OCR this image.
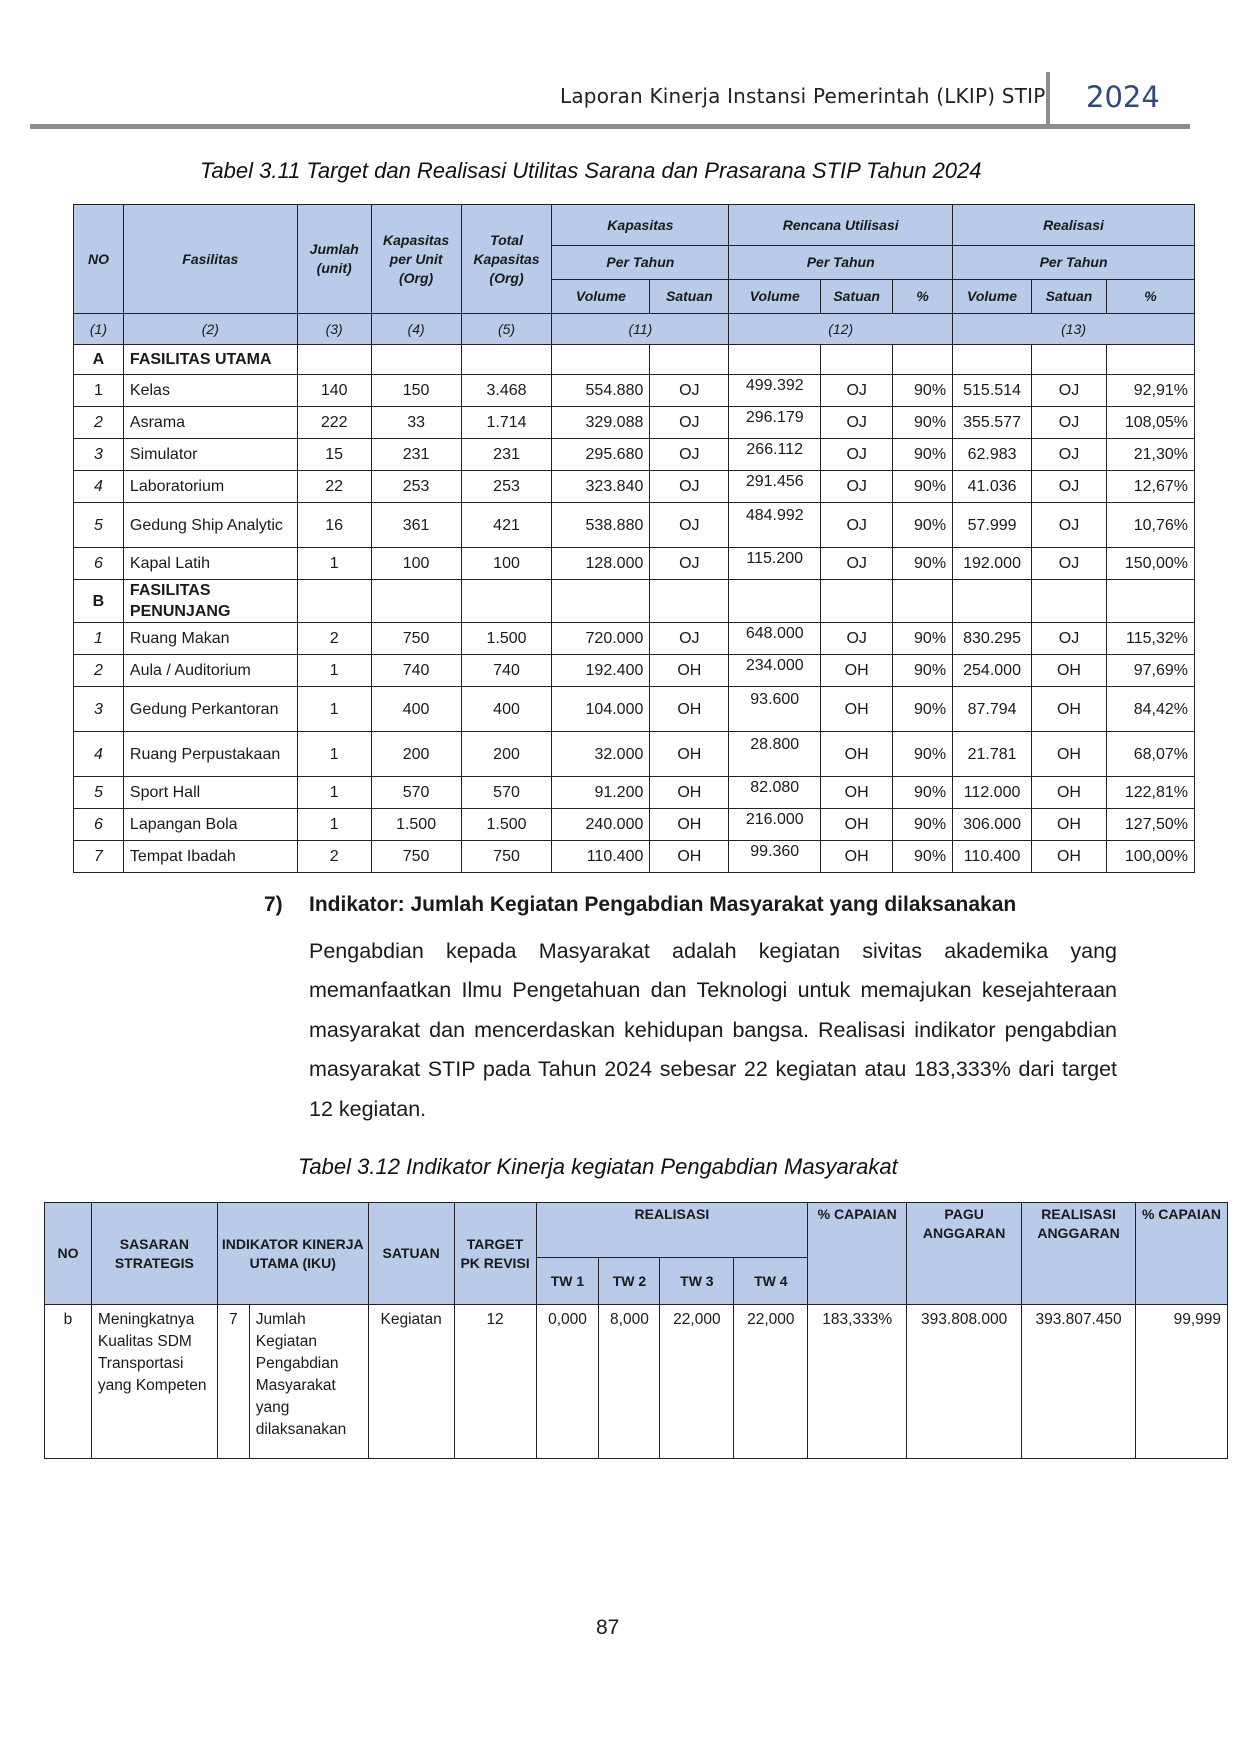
Laporan Kinerja Instansi Pemerintah (LKIP) STIP 2024
Tabel 3.11 Target dan Realisasi Utilitas Sarana dan Prasarana STIP Tahun 2024
NO	Fasilitas	Jumlah (unit)	Kapasitas per Unit (Org)	Total Kapasitas (Org)	Kapasitas		Rencana Utilisasi			Realisasi		
					Per Tahun		Per Tahun			Per Tahun		
					Volume	Satuan	Volume	Satuan	%	Volume	Satuan	%
(1)	(2)	(3)	(4)	(5)	(11)		(12)			(13)		
A	FASILITAS UTAMA											
1	Kelas	140	150	3.468	554.880	OJ	499.392	OJ	90%	515.514	OJ	92,91%
2	Asrama	222	33	1.714	329.088	OJ	296.179	OJ	90%	355.577	OJ	108,05%
3	Simulator	15	231	231	295.680	OJ	266.112	OJ	90%	62.983	OJ	21,30%
4	Laboratorium	22	253	253	323.840	OJ	291.456	OJ	90%	41.036	OJ	12,67%
5	Gedung Ship Analytic	16	361	421	538.880	OJ	484.992	OJ	90%	57.999	OJ	10,76%
6	Kapal Latih	1	100	100	128.000	OJ	115.200	OJ	90%	192.000	OJ	150,00%
B	FASILITAS PENUNJANG											
1	Ruang Makan	2	750	1.500	720.000	OJ	648.000	OJ	90%	830.295	OJ	115,32%
2	Aula / Auditorium	1	740	740	192.400	OH	234.000	OH	90%	254.000	OH	97,69%
3	Gedung Perkantoran	1	400	400	104.000	OH	93.600	OH	90%	87.794	OH	84,42%
4	Ruang Perpustakaan	1	200	200	32.000	OH	28.800	OH	90%	21.781	OH	68,07%
5	Sport Hall	1	570	570	91.200	OH	82.080	OH	90%	112.000	OH	122,81%
6	Lapangan Bola	1	1.500	1.500	240.000	OH	216.000	OH	90%	306.000	OH	127,50%
7	Tempat Ibadah	2	750	750	110.400	OH	99.360	OH	90%	110.400	OH	100,00%
7) Indikator: Jumlah Kegiatan Pengabdian Masyarakat yang dilaksanakan
Pengabdian kepada Masyarakat adalah kegiatan sivitas akademika yang memanfaatkan Ilmu Pengetahuan dan Teknologi untuk memajukan kesejahteraan masyarakat dan mencerdaskan kehidupan bangsa. Realisasi indikator pengabdian masyarakat STIP pada Tahun 2024 sebesar 22 kegiatan atau 183,333% dari target 12 kegiatan.
Tabel 3.12 Indikator Kinerja kegiatan Pengabdian Masyarakat
NO	SASARAN STRATEGIS	INDIKATOR KINERJA UTAMA (IKU)		SATUAN	TARGET PK REVISI	REALISASI				% CAPAIAN	PAGU ANGGARAN	REALISASI ANGGARAN	% CAPAIAN
						TW 1	TW 2	TW 3	TW 4				
b	Meningkatnya Kualitas SDM Transportasi yang Kompeten	7	Jumlah Kegiatan Pengabdian Masyarakat yang dilaksanakan	Kegiatan	12	0,000	8,000	22,000	22,000	183,333%	393.808.000	393.807.450	99,999
87
